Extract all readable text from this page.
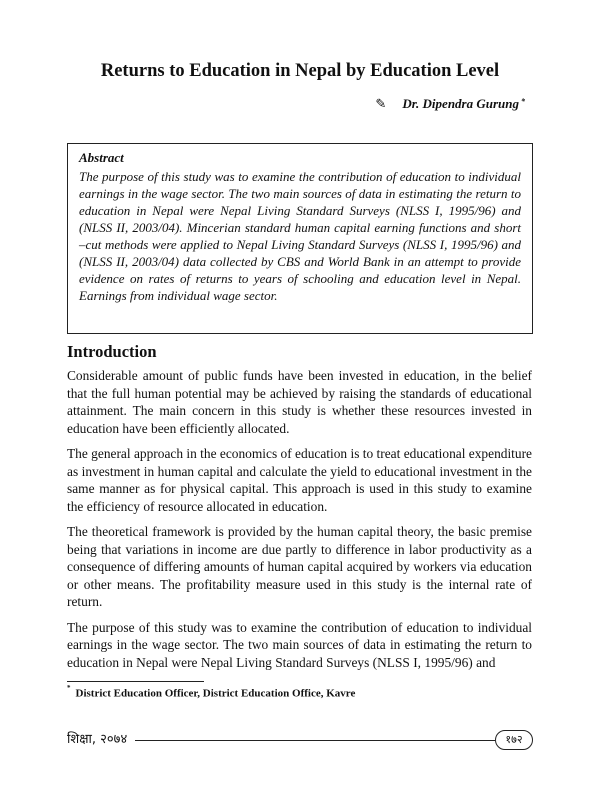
Returns to Education in Nepal by Education Level
✎ Dr. Dipendra Gurung *
Abstract
The purpose of this study was to examine the contribution of education to individual earnings in the wage sector. The two main sources of data in estimating the return to education in Nepal were Nepal Living Standard Surveys (NLSS I, 1995/96) and (NLSS II, 2003/04). Mincerian standard human capital earning functions and short –cut methods were applied to Nepal Living Standard Surveys (NLSS I, 1995/96) and (NLSS II, 2003/04) data collected by CBS and World Bank in an attempt to provide evidence on rates of returns to years of schooling and education level in Nepal. Earnings from individual wage sector.
Introduction

Considerable amount of public funds have been invested in education, in the belief that the full human potential may be achieved by raising the standards of educational attainment. The main concern in this study is whether these resources invested in education have been efficiently allocated.

The general approach in the economics of education is to treat educational expenditure as investment in human capital and calculate the yield to educational investment in the same manner as for physical capital. This approach is used in this study to examine the efficiency of resource allocated in education.

The theoretical framework is provided by the human capital theory, the basic premise being that variations in income are due partly to difference in labor productivity as a consequence of differing amounts of human capital acquired by workers via education or other means. The profitability measure used in this study is the internal rate of return.

The purpose of this study was to examine the contribution of education to individual earnings in the wage sector. The two main sources of data in estimating the return to education in Nepal were Nepal Living Standard Surveys (NLSS I, 1995/96) and

* District Education Officer, District Education Office, Kavre
शिक्षा, २०७४	१७२
